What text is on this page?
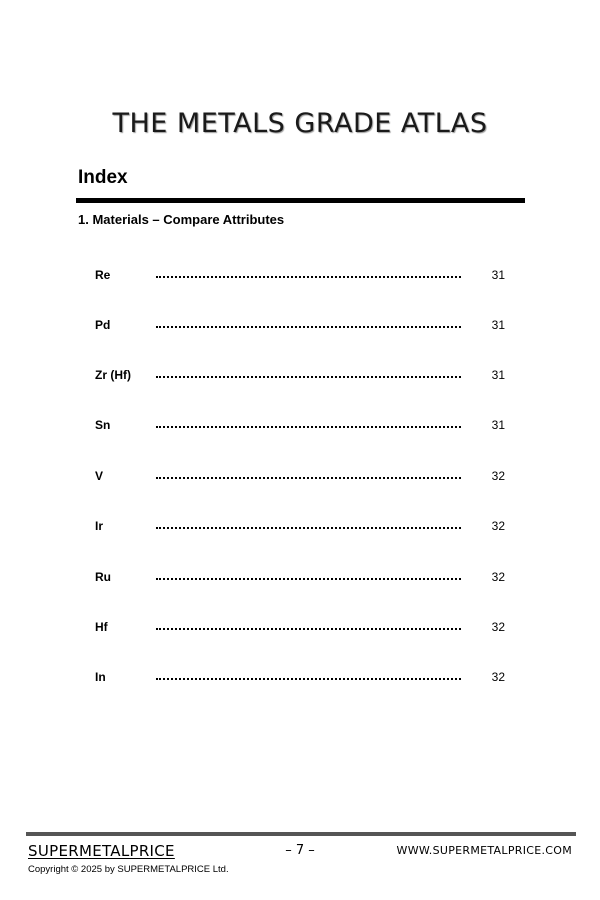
THE METALS GRADE ATLAS
Index
1. Materials – Compare Attributes
Re	31
Pd	31
Zr (Hf)	31
Sn	31
V	32
Ir	32
Ru	32
Hf	32
In	32
SUPERMETALPRICE	– 7 –	WWW.SUPERMETALPRICE.COM
Copyright © 2025 by SUPERMETALPRICE Ltd.
